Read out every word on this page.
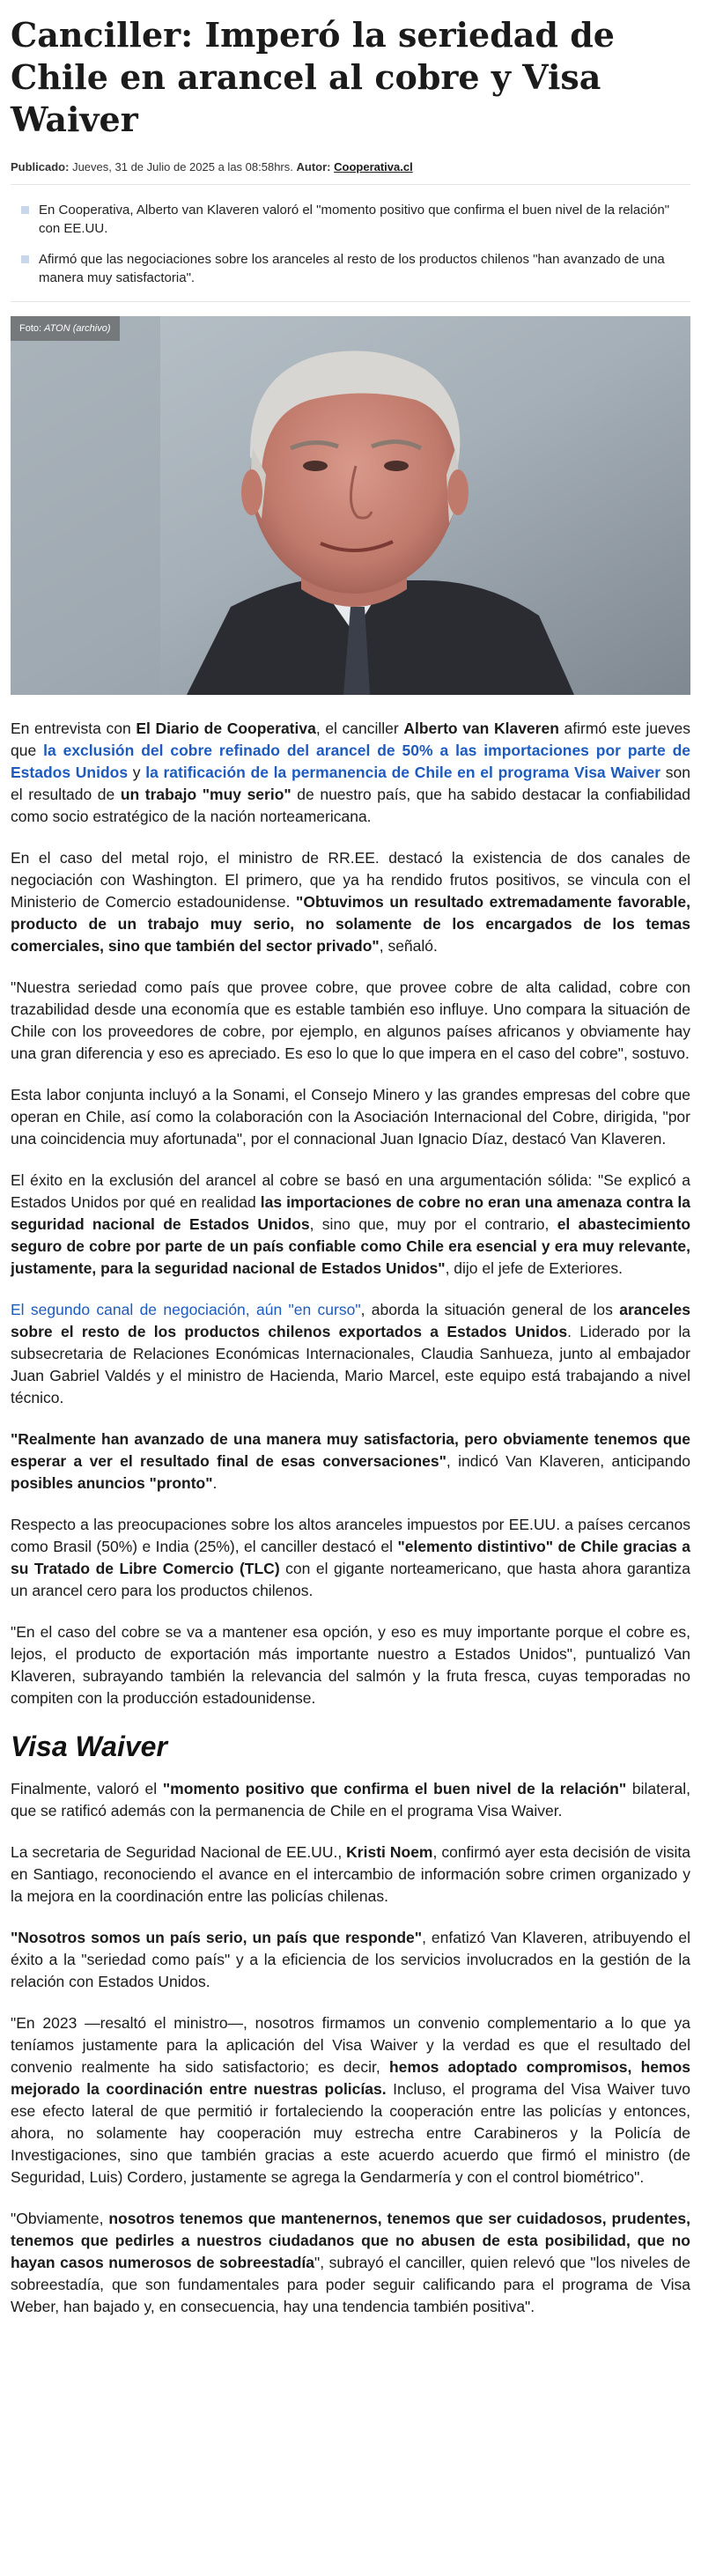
Canciller: Imperó la seriedad de Chile en arancel al cobre y Visa Waiver
Publicado: Jueves, 31 de Julio de 2025 a las 08:58hrs. Autor: Cooperativa.cl
En Cooperativa, Alberto van Klaveren valoró el "momento positivo que confirma el buen nivel de la relación" con EE.UU.
Afirmó que las negociaciones sobre los aranceles al resto de los productos chilenos "han avanzado de una manera muy satisfactoria".
Foto: ATON (archivo)

En entrevista con El Diario de Cooperativa, el canciller Alberto van Klaveren afirmó este jueves que la exclusión del cobre refinado del arancel de 50% a las importaciones por parte de Estados Unidos y la ratificación de la permanencia de Chile en el programa Visa Waiver son el resultado de un trabajo "muy serio" de nuestro país, que ha sabido destacar la confiabilidad como socio estratégico de la nación norteamericana.

En el caso del metal rojo, el ministro de RR.EE. destacó la existencia de dos canales de negociación con Washington. El primero, que ya ha rendido frutos positivos, se vincula con el Ministerio de Comercio estadounidense. "Obtuvimos un resultado extremadamente favorable, producto de un trabajo muy serio, no solamente de los encargados de los temas comerciales, sino que también del sector privado", señaló.

"Nuestra seriedad como país que provee cobre, que provee cobre de alta calidad, cobre con trazabilidad desde una economía que es estable también eso influye. Uno compara la situación de Chile con los proveedores de cobre, por ejemplo, en algunos países africanos y obviamente hay una gran diferencia y eso es apreciado. Es eso lo que lo que impera en el caso del cobre", sostuvo.

Esta labor conjunta incluyó a la Sonami, el Consejo Minero y las grandes empresas del cobre que operan en Chile, así como la colaboración con la Asociación Internacional del Cobre, dirigida, "por una coincidencia muy afortunada", por el connacional Juan Ignacio Díaz, destacó Van Klaveren.

El éxito en la exclusión del arancel al cobre se basó en una argumentación sólida: "Se explicó a Estados Unidos por qué en realidad las importaciones de cobre no eran una amenaza contra la seguridad nacional de Estados Unidos, sino que, muy por el contrario, el abastecimiento seguro de cobre por parte de un país confiable como Chile era esencial y era muy relevante, justamente, para la seguridad nacional de Estados Unidos", dijo el jefe de Exteriores.

El segundo canal de negociación, aún "en curso", aborda la situación general de los aranceles sobre el resto de los productos chilenos exportados a Estados Unidos. Liderado por la subsecretaria de Relaciones Económicas Internacionales, Claudia Sanhueza, junto al embajador Juan Gabriel Valdés y el ministro de Hacienda, Mario Marcel, este equipo está trabajando a nivel técnico.

"Realmente han avanzado de una manera muy satisfactoria, pero obviamente tenemos que esperar a ver el resultado final de esas conversaciones", indicó Van Klaveren, anticipando posibles anuncios "pronto".

Respecto a las preocupaciones sobre los altos aranceles impuestos por EE.UU. a países cercanos como Brasil (50%) e India (25%), el canciller destacó el "elemento distintivo" de Chile gracias a su Tratado de Libre Comercio (TLC) con el gigante norteamericano, que hasta ahora garantiza un arancel cero para los productos chilenos.

"En el caso del cobre se va a mantener esa opción, y eso es muy importante porque el cobre es, lejos, el producto de exportación más importante nuestro a Estados Unidos", puntualizó Van Klaveren, subrayando también la relevancia del salmón y la fruta fresca, cuyas temporadas no compiten con la producción estadounidense.

Visa Waiver

Finalmente, valoró el "momento positivo que confirma el buen nivel de la relación" bilateral, que se ratificó además con la permanencia de Chile en el programa Visa Waiver.

La secretaria de Seguridad Nacional de EE.UU., Kristi Noem, confirmó ayer esta decisión de visita en Santiago, reconociendo el avance en el intercambio de información sobre crimen organizado y la mejora en la coordinación entre las policías chilenas.

"Nosotros somos un país serio, un país que responde", enfatizó Van Klaveren, atribuyendo el éxito a la "seriedad como país" y a la eficiencia de los servicios involucrados en la gestión de la relación con Estados Unidos.

"En 2023 —resaltó el ministro—, nosotros firmamos un convenio complementario a lo que ya teníamos justamente para la aplicación del Visa Waiver y la verdad es que el resultado del convenio realmente ha sido satisfactorio; es decir, hemos adoptado compromisos, hemos mejorado la coordinación entre nuestras policías. Incluso, el programa del Visa Waiver tuvo ese efecto lateral de que permitió ir fortaleciendo la cooperación entre las policías y entonces, ahora, no solamente hay cooperación muy estrecha entre Carabineros y la Policía de Investigaciones, sino que también gracias a este acuerdo acuerdo que firmó el ministro (de Seguridad, Luis) Cordero, justamente se agrega la Gendarmería y con el control biométrico".

"Obviamente, nosotros tenemos que mantenernos, tenemos que ser cuidadosos, prudentes, tenemos que pedirles a nuestros ciudadanos que no abusen de esta posibilidad, que no hayan casos numerosos de sobreestadía", subrayó el canciller, quien relevó que "los niveles de sobreestadía, que son fundamentales para poder seguir calificando para el programa de Visa Weber, han bajado y, en consecuencia, hay una tendencia también positiva".
